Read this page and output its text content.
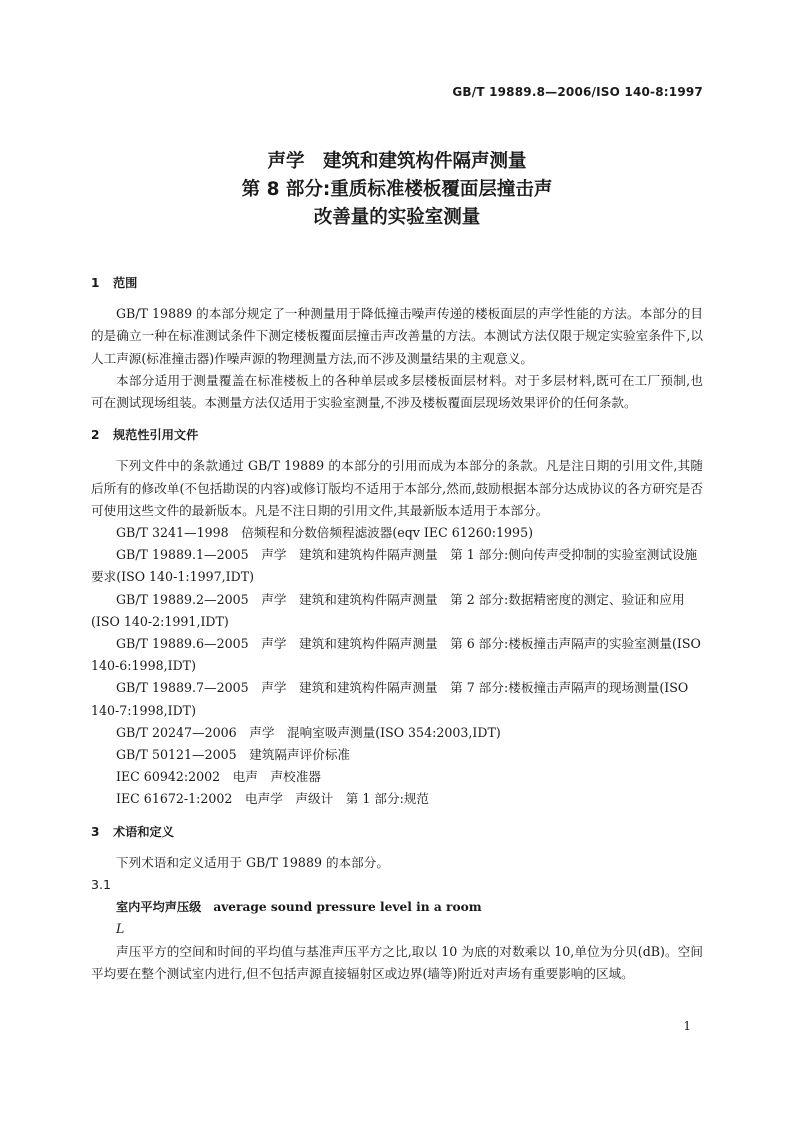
GB/T 19889.8—2006/ISO 140-8:1997
声学　建筑和建筑构件隔声测量
第 8 部分:重质标准楼板覆面层撞击声
改善量的实验室测量
1 范围

GB/T 19889 的本部分规定了一种测量用于降低撞击噪声传递的楼板面层的声学性能的方法。本部分的目的是确立一种在标准测试条件下测定楼板覆面层撞击声改善量的方法。本测试方法仅限于规定实验室条件下,以人工声源(标准撞击器)作噪声源的物理测量方法,而不涉及测量结果的主观意义。

本部分适用于测量覆盖在标准楼板上的各种单层或多层楼板面层材料。对于多层材料,既可在工厂预制,也可在测试现场组装。本测量方法仅适用于实验室测量,不涉及楼板覆面层现场效果评价的任何条款。

2 规范性引用文件

下列文件中的条款通过 GB/T 19889 的本部分的引用而成为本部分的条款。凡是注日期的引用文件,其随后所有的修改单(不包括勘误的内容)或修订版均不适用于本部分,然而,鼓励根据本部分达成协议的各方研究是否可使用这些文件的最新版本。凡是不注日期的引用文件,其最新版本适用于本部分。

GB/T 3241—1998　倍频程和分数倍频程滤波器(eqv IEC 61260:1995)

GB/T 19889.1—2005　声学　建筑和建筑构件隔声测量　第 1 部分:侧向传声受抑制的实验室测试设施要求(ISO 140-1:1997,IDT)

GB/T 19889.2—2005　声学　建筑和建筑构件隔声测量　第 2 部分:数据精密度的测定、验证和应用(ISO 140-2:1991,IDT)

GB/T 19889.6—2005　声学　建筑和建筑构件隔声测量　第 6 部分:楼板撞击声隔声的实验室测量(ISO 140-6:1998,IDT)

GB/T 19889.7—2005　声学　建筑和建筑构件隔声测量　第 7 部分:楼板撞击声隔声的现场测量(ISO 140-7:1998,IDT)

GB/T 20247—2006　声学　混响室吸声测量(ISO 354:2003,IDT)

GB/T 50121—2005　建筑隔声评价标准

IEC 60942:2002　电声　声校准器

IEC 61672-1:2002　电声学　声级计　第 1 部分:规范

3 术语和定义

下列术语和定义适用于 GB/T 19889 的本部分。

3.1

室内平均声压级 average sound pressure level in a room

L

声压平方的空间和时间的平均值与基准声压平方之比,取以 10 为底的对数乘以 10,单位为分贝(dB)。空间平均要在整个测试室内进行,但不包括声源直接辐射区或边界(墙等)附近对声场有重要影响的区域。

1
